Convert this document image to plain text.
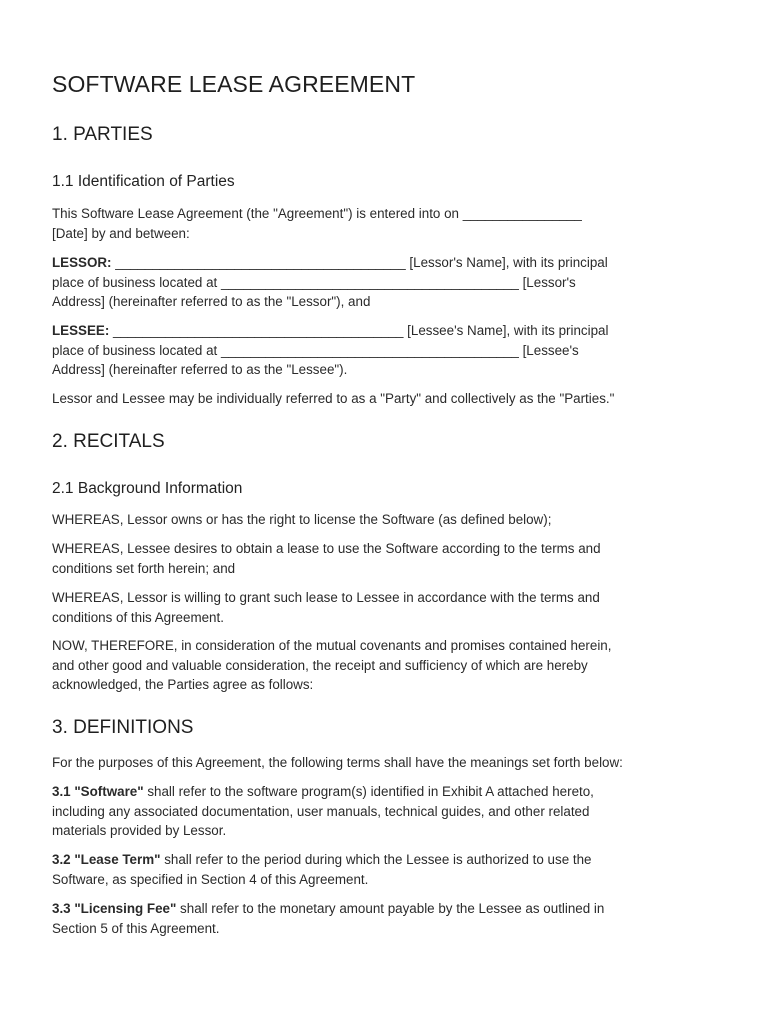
SOFTWARE LEASE AGREEMENT
1. PARTIES
1.1 Identification of Parties

This Software Lease Agreement (the "Agreement") is entered into on ________________
[Date] by and between:

LESSOR: _______________________________________ [Lessor's Name], with its principal
place of business located at ________________________________________ [Lessor's
Address] (hereinafter referred to as the "Lessor"), and

LESSEE: _______________________________________ [Lessee's Name], with its principal
place of business located at ________________________________________ [Lessee's
Address] (hereinafter referred to as the "Lessee").

Lessor and Lessee may be individually referred to as a "Party" and collectively as the "Parties."

2. RECITALS
2.1 Background Information

WHEREAS, Lessor owns or has the right to license the Software (as defined below);

WHEREAS, Lessee desires to obtain a lease to use the Software according to the terms and
conditions set forth herein; and

WHEREAS, Lessor is willing to grant such lease to Lessee in accordance with the terms and
conditions of this Agreement.

NOW, THEREFORE, in consideration of the mutual covenants and promises contained herein,
and other good and valuable consideration, the receipt and sufficiency of which are hereby
acknowledged, the Parties agree as follows:

3. DEFINITIONS

For the purposes of this Agreement, the following terms shall have the meanings set forth below:

3.1 "Software" shall refer to the software program(s) identified in Exhibit A attached hereto,
including any associated documentation, user manuals, technical guides, and other related
materials provided by Lessor.

3.2 "Lease Term" shall refer to the period during which the Lessee is authorized to use the
Software, as specified in Section 4 of this Agreement.

3.3 "Licensing Fee" shall refer to the monetary amount payable by the Lessee as outlined in
Section 5 of this Agreement.
